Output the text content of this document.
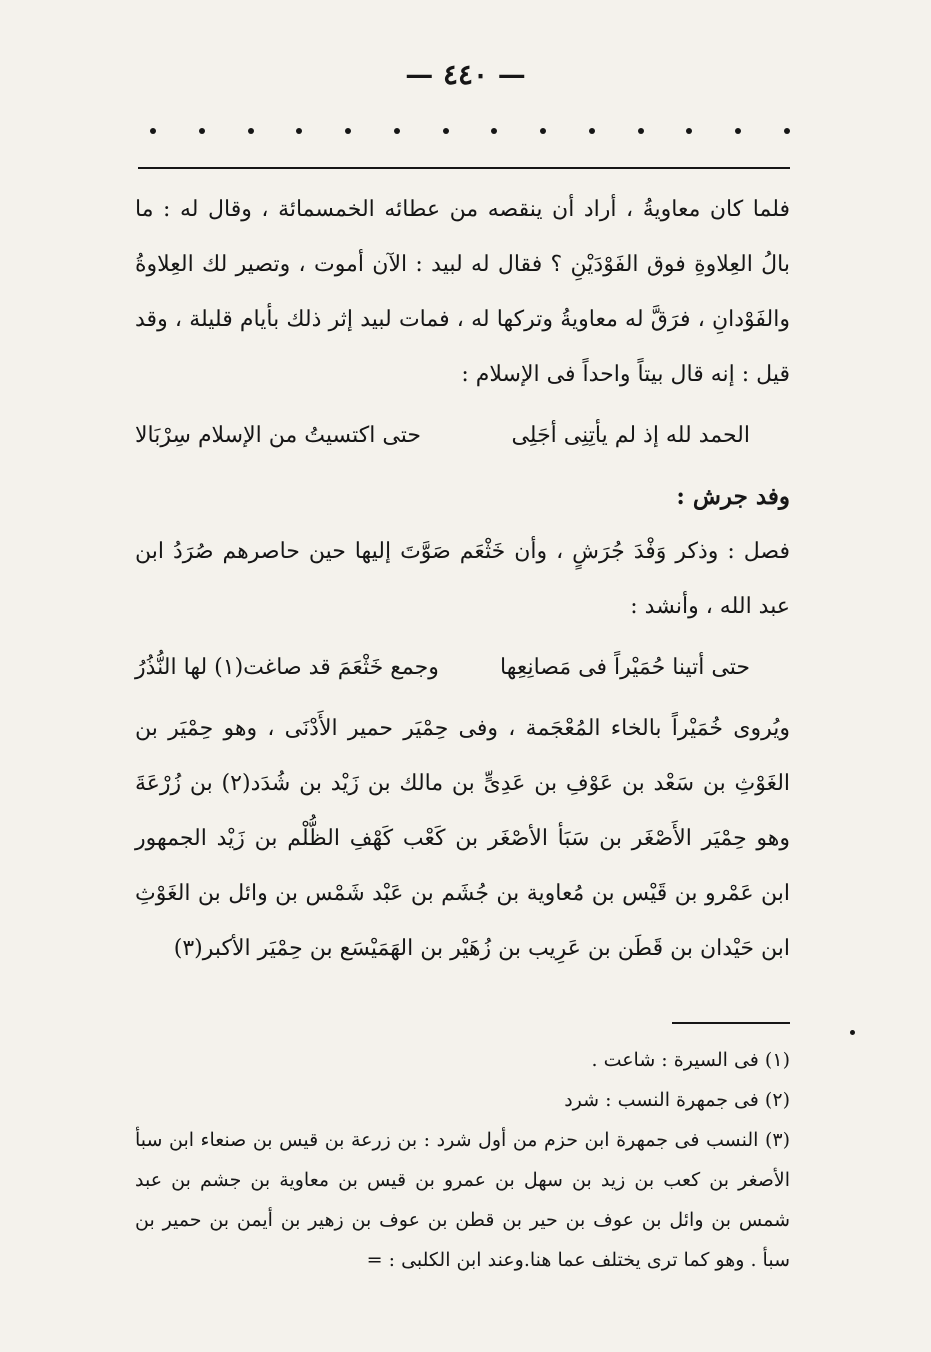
— ٤٤٠ —

فلما كان معاويةُ ، أراد أن ينقصه من عطائه الخمسمائة ، وقال له : ما بالُ العِلاوةِ فوق الفَوْدَيْنِ ؟ فقال له لبيد : الآن أموت ، وتصير لك العِلاوةُ والفَوْدانِ ، فرَقَّ له معاويةُ وتركها له ، فمات لبيد إثر ذلك بأيام قليلة ، وقد قيل : إنه قال بيتاً واحداً فى الإسلام :

الحمد لله إذ لم يأتِنِى أجَلِى
حتى اكتسيتُ من الإسلام سِرْبَالا

وفد جرش :

فصل : وذكر وَفْدَ جُرَشٍ ، وأن خَثْعَم صَوَّتَ إليها حين حاصرهم صُرَدُ ابن عبد الله ، وأنشد :

حتى أتينا حُمَيْراً فى مَصانِعِها
وجمع خَثْعَمَ قد صاغت(١) لها النُّذُرُ

ويُروى خُمَيْراً بالخاء المُعْجَمة ، وفى حِمْيَر حمير الأَدْنَى ، وهو حِمْيَر بن الغَوْثِ بن سَعْد بن عَوْفِ بن عَدِىٍّ بن مالك بن زَيْد بن شُدَد(٢) بن زُرْعَةَ وهو حِمْيَر الأَصْغَر بن سَبَأ الأصْغَر بن كَعْب كَهْفِ الظُّلْم بن زَيْد الجمهور ابن عَمْرو بن قَيْس بن مُعاوية بن جُشَم بن عَبْد شَمْس بن وائل بن الغَوْثِ ابن حَيْدان بن قَطَن بن عَرِيب بن زُهَيْر بن الهَمَيْسَع بن حِمْيَر الأكبر(٣)

(١) فى السيرة : شاعت .

(٢) فى جمهرة النسب : شرد

(٣) النسب فى جمهرة ابن حزم من أول شرد : بن زرعة بن قيس بن صنعاء ابن سبأ الأصغر بن كعب بن زيد بن سهل بن عمرو بن قيس بن معاوية بن جشم بن عبد شمس بن وائل بن عوف بن حير بن قطن بن عوف بن زهير بن أيمن بن حمير بن سبأ . وهو كما ترى يختلف عما هنا.وعند ابن الكلبى : =
